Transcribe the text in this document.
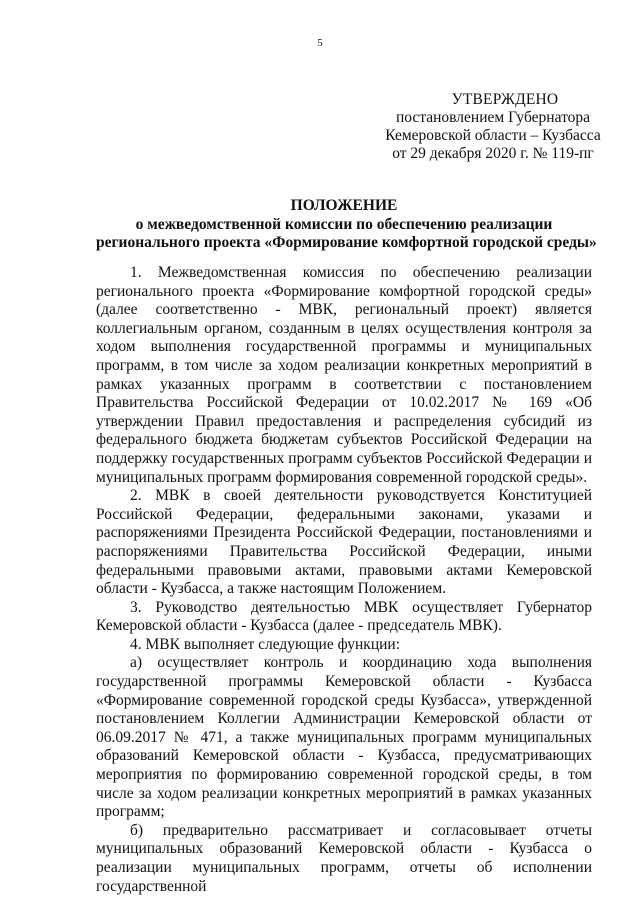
5
УТВЕРЖДЕНО
постановлением Губернатора
Кемеровской области – Кузбасса
от 29 декабря 2020 г. № 119-пг
ПОЛОЖЕНИЕ
о межведомственной комиссии по обеспечению реализации
регионального проекта «Формирование комфортной городской среды»

1. Межведомственная комиссия по обеспечению реализации регионального проекта «Формирование комфортной городской среды» (далее соответственно - МВК, региональный проект) является коллегиальным органом, созданным в целях осуществления контроля за ходом выполнения государственной программы и муниципальных программ, в том числе за ходом реализации конкретных мероприятий в рамках указанных программ в соответствии с постановлением Правительства Российской Федерации от 10.02.2017 № 169 «Об утверждении Правил предоставления и распределения субсидий из федерального бюджета бюджетам субъектов Российской Федерации на поддержку государственных программ субъектов Российской Федерации и муниципальных программ формирования современной городской среды».

2. МВК в своей деятельности руководствуется Конституцией Российской Федерации, федеральными законами, указами и распоряжениями Президента Российской Федерации, постановлениями и распоряжениями Правительства Российской Федерации, иными федеральными правовыми актами, правовыми актами Кемеровской области - Кузбасса, а также настоящим Положением.

3. Руководство деятельностью МВК осуществляет Губернатор Кемеровской области - Кузбасса (далее - председатель МВК).

4. МВК выполняет следующие функции:

а) осуществляет контроль и координацию хода выполнения государственной программы Кемеровской области - Кузбасса «Формирование современной городской среды Кузбасса», утвержденной постановлением Коллегии Администрации Кемеровской области от 06.09.2017 № 471, а также муниципальных программ муниципальных образований Кемеровской области - Кузбасса, предусматривающих мероприятия по формированию современной городской среды, в том числе за ходом реализации конкретных мероприятий в рамках указанных программ;

б) предварительно рассматривает и согласовывает отчеты муниципальных образований Кемеровской области - Кузбасса о реализации муниципальных программ, отчеты об исполнении государственной
